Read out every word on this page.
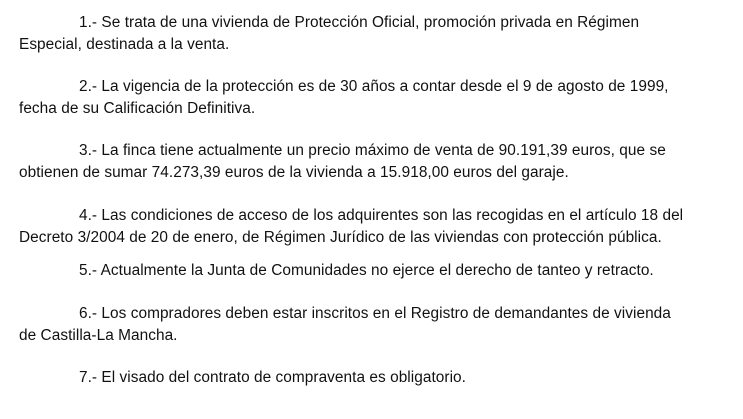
1.- Se trata de una vivienda de Protección Oficial, promoción privada en Régimen
Especial, destinada a la venta.
2.- La vigencia de la protección es de 30 años a contar desde el 9 de agosto de 1999,
fecha de su Calificación Definitiva.
3.- La finca tiene actualmente un precio máximo de venta de 90.191,39 euros, que se
obtienen de sumar 74.273,39 euros de la vivienda a 15.918,00 euros del garaje.
4.- Las condiciones de acceso de los adquirentes son las recogidas en el artículo 18 del
Decreto 3/2004 de 20 de enero, de Régimen Jurídico de las viviendas con protección pública.
5.- Actualmente la Junta de Comunidades no ejerce el derecho de tanteo y retracto.
6.- Los compradores deben estar inscritos en el Registro de demandantes de vivienda
de Castilla-La Mancha.
7.- El visado del contrato de compraventa es obligatorio.
